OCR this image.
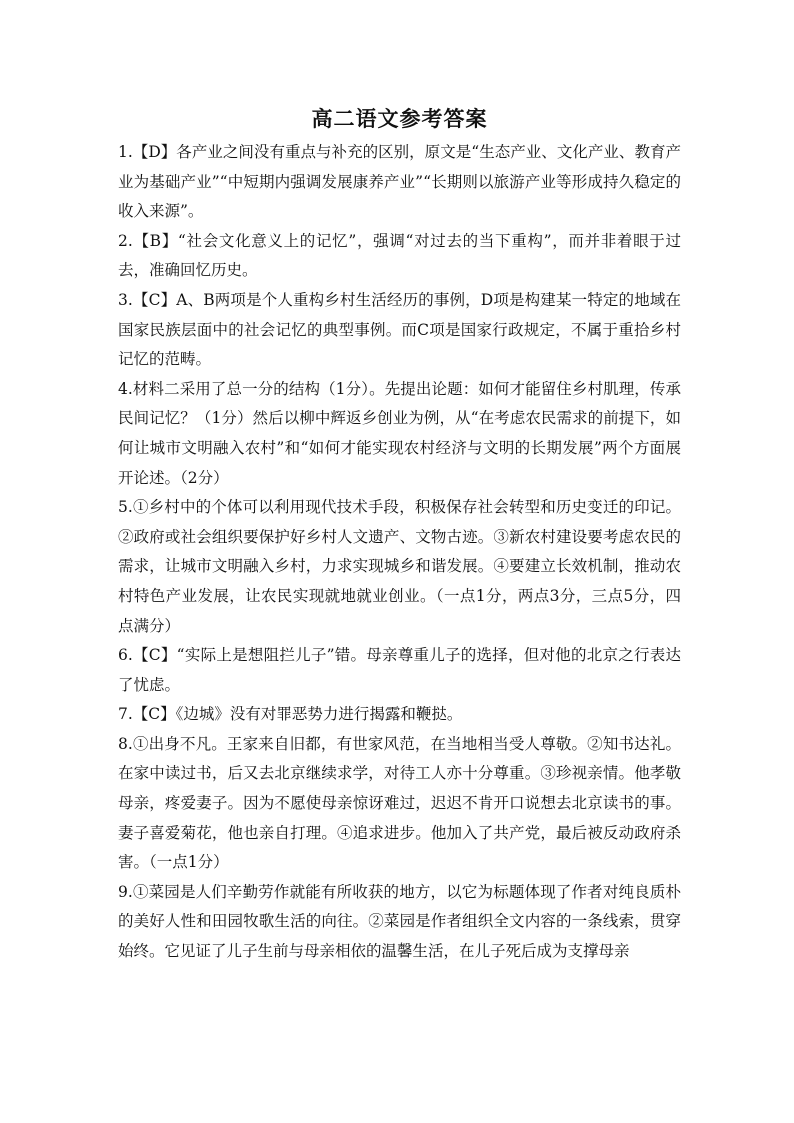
高二语文参考答案

1.【D】各产业之间没有重点与补充的区别，原文是“生态产业、文化产业、教育产业为基础产业”“中短期内强调发展康养产业”“长期则以旅游产业等形成持久稳定的收入来源”。

2.【B】“社会文化意义上的记忆”，强调“对过去的当下重构”，而并非着眼于过去，准确回忆历史。

3.【C】A、B两项是个人重构乡村生活经历的事例，D项是构建某一特定的地域在国家民族层面中的社会记忆的典型事例。而C项是国家行政规定，不属于重拾乡村记忆的范畴。

4.材料二采用了总一分的结构（1分）。先提出论题：如何才能留住乡村肌理，传承民间记忆？（1分）然后以柳中辉返乡创业为例，从“在考虑农民需求的前提下，如何让城市文明融入农村”和“如何才能实现农村经济与文明的长期发展”两个方面展开论述。（2分）

5.①乡村中的个体可以利用现代技术手段，积极保存社会转型和历史变迁的印记。②政府或社会组织要保护好乡村人文遗产、文物古迹。③新农村建设要考虑农民的需求，让城市文明融入乡村，力求实现城乡和谐发展。④要建立长效机制，推动农村特色产业发展，让农民实现就地就业创业。（一点1分，两点3分，三点5分，四点满分）

6.【C】“实际上是想阻拦儿子”错。母亲尊重儿子的选择，但对他的北京之行表达了忧虑。

7.【C】《边城》没有对罪恶势力进行揭露和鞭挞。

8.①出身不凡。王家来自旧都，有世家风范，在当地相当受人尊敬。②知书达礼。在家中读过书，后又去北京继续求学，对待工人亦十分尊重。③珍视亲情。他孝敬母亲，疼爱妻子。因为不愿使母亲惊讶难过，迟迟不肯开口说想去北京读书的事。妻子喜爱菊花，他也亲自打理。④追求进步。他加入了共产党，最后被反动政府杀害。（一点1分）

9.①菜园是人们辛勤劳作就能有所收获的地方，以它为标题体现了作者对纯良质朴的美好人性和田园牧歌生活的向往。②菜园是作者组织全文内容的一条线索，贯穿始终。它见证了儿子生前与母亲相依的温馨生活，在儿子死后成为支撑母亲
